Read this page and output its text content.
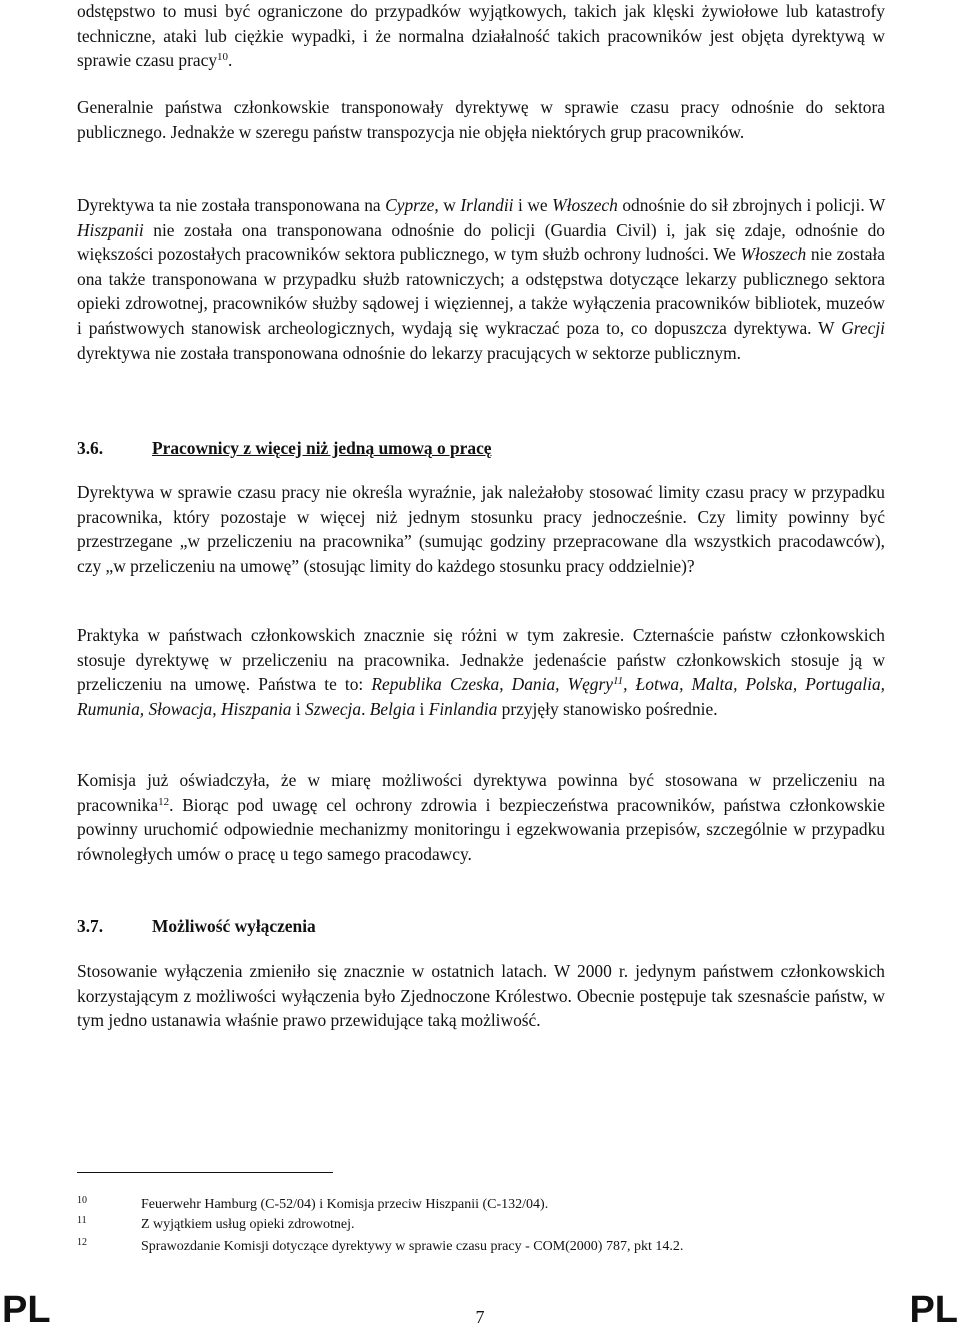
odstępstwo to musi być ograniczone do przypadków wyjątkowych, takich jak klęski żywiołowe lub katastrofy techniczne, ataki lub ciężkie wypadki, i że normalna działalność takich pracowników jest objęta dyrektywą w sprawie czasu pracy$^{10}$.

Generalnie państwa członkowskie transponowały dyrektywę w sprawie czasu pracy odnośnie do sektora publicznego. Jednakże w szeregu państw transpozycja nie objęła niektórych grup pracowników.

Dyrektywa ta nie została transponowana na Cyprze, w Irlandii i we Włoszech odnośnie do sił zbrojnych i policji. W Hiszpanii nie została ona transponowana odnośnie do policji (Guardia Civil) i, jak się zdaje, odnośnie do większości pozostałych pracowników sektora publicznego, w tym służb ochrony ludności. We Włoszech nie została ona także transponowana w przypadku służb ratowniczych; a odstępstwa dotyczące lekarzy publicznego sektora opieki zdrowotnej, pracowników służby sądowej i więziennej, a także wyłączenia pracowników bibliotek, muzeów i państwowych stanowisk archeologicznych, wydają się wykraczać poza to, co dopuszcza dyrektywa. W Grecji dyrektywa nie została transponowana odnośnie do lekarzy pracujących w sektorze publicznym.

3.6.	Pracownicy z więcej niż jedną umową o pracę

Dyrektywa w sprawie czasu pracy nie określa wyraźnie, jak należałoby stosować limity czasu pracy w przypadku pracownika, który pozostaje w więcej niż jednym stosunku pracy jednocześnie. Czy limity powinny być przestrzegane „w przeliczeniu na pracownika” (sumując godziny przepracowane dla wszystkich pracodawców), czy „w przeliczeniu na umowę” (stosując limity do każdego stosunku pracy oddzielnie)?

Praktyka w państwach członkowskich znacznie się różni w tym zakresie. Czternaście państw członkowskich stosuje dyrektywę w przeliczeniu na pracownika. Jednakże jedenaście państw członkowskich stosuje ją w przeliczeniu na umowę. Państwa te to: Republika Czeska, Dania, Węgry$^{11}$, Łotwa, Malta, Polska, Portugalia, Rumunia, Słowacja, Hiszpania i Szwecja. Belgia i Finlandia przyjęły stanowisko pośrednie.

Komisja już oświadczyła, że w miarę możliwości dyrektywa powinna być stosowana w przeliczeniu na pracownika$^{12}$. Biorąc pod uwagę cel ochrony zdrowia i bezpieczeństwa pracowników, państwa członkowskie powinny uruchomić odpowiednie mechanizmy monitoringu i egzekwowania przepisów, szczególnie w przypadku równoległych umów o pracę u tego samego pracodawcy.

3.7.	Możliwość wyłączenia

Stosowanie wyłączenia zmieniło się znacznie w ostatnich latach. W 2000 r. jedynym państwem członkowskich korzystającym z możliwości wyłączenia było Zjednoczone Królestwo. Obecnie postępuje tak szesnaście państw, w tym jedno ustanawia właśnie prawo przewidujące taką możliwość.

10	Feuerwehr Hamburg (C-52/04) i Komisja przeciw Hiszpanii (C-132/04).
11	Z wyjątkiem usług opieki zdrowotnej.
12	Sprawozdanie Komisji dotyczące dyrektywy w sprawie czasu pracy - COM(2000) 787, pkt 14.2.
PL	7	PL
